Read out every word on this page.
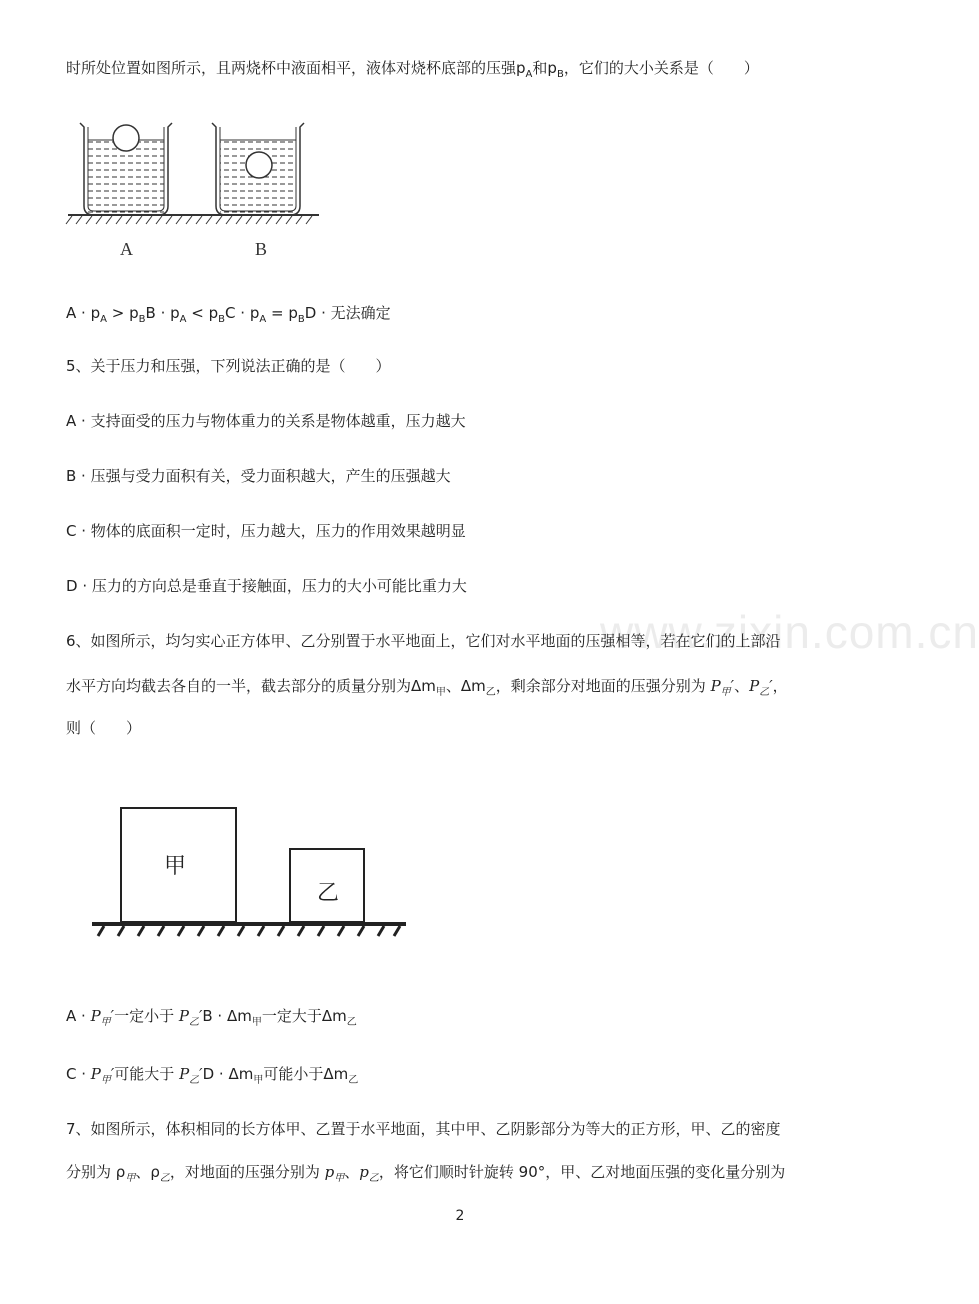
www.zixin.com.cn
时所处位置如图所示，且两烧杯中液面相平，液体对烧杯底部的压强$p_A$和$p_B$，它们的大小关系是（　　）
A	B
$A \cdot p_A > p_BB \cdot p_A < p_BC \cdot p_A = p_BD$ · 无法确定
5、关于压力和压强，下列说法正确的是（　　）
A · 支持面受的压力与物体重力的关系是物体越重，压力越大
B · 压强与受力面积有关，受力面积越大，产生的压强越大
C · 物体的底面积一定时，压力越大，压力的作用效果越明显
D · 压力的方向总是垂直于接触面，压力的大小可能比重力大
6、如图所示，均匀实心正方体甲、乙分别置于水平地面上，它们对水平地面的压强相等，若在它们的上部沿
水平方向均截去各自的一半，截去部分的质量分别为$\Delta m_甲$、$\Delta m_乙$，剩余部分对地面的压强分别为 $P_甲'$、$P_乙'$，
则（　　）
甲
乙
$A \cdot P_甲'$一定小于 $P_乙'B \cdot \Delta m_甲$一定大于$\Delta m_乙$
$C \cdot P_甲'$可能大于 $P_乙'D \cdot \Delta m_甲$可能小于$\Delta m_乙$
7、如图所示，体积相同的长方体甲、乙置于水平地面，其中甲、乙阴影部分为等大的正方形，甲、乙的密度
分别为 $\rho_甲$、$\rho_乙$，对地面的压强分别为 $p_甲$、$p_乙$，将它们顺时针旋转 90°，甲、乙对地面压强的变化量分别为
2
